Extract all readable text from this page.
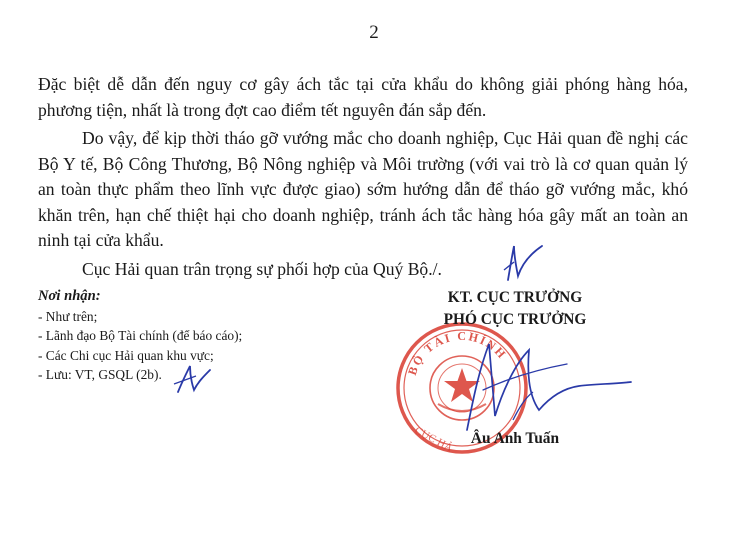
2

Đặc biệt dễ dẫn đến nguy cơ gây ách tắc tại cửa khẩu do không giải phóng hàng hóa, phương tiện, nhất là trong đợt cao điểm tết nguyên đán sắp đến.

Do vậy, để kịp thời tháo gỡ vướng mắc cho doanh nghiệp, Cục Hải quan đề nghị các Bộ Y tế, Bộ Công Thương, Bộ Nông nghiệp và Môi trường (với vai trò là cơ quan quản lý an toàn thực phẩm theo lĩnh vực được giao) sớm hướng dẫn để tháo gỡ vướng mắc, khó khăn trên, hạn chế thiệt hại cho doanh nghiệp, tránh ách tắc hàng hóa gây mất an toàn an ninh tại cửa khẩu.

Cục Hải quan trân trọng sự phối hợp của Quý Bộ./.

Nơi nhận:
- Như trên;
- Lãnh đạo Bộ Tài chính (để báo cáo);
- Các Chi cục Hải quan khu vực;
- Lưu: VT, GSQL (2b).	BỘ TÀI CHÍNH
CỤC HẢ
KT. CỤC TRƯỞNG
PHÓ CỤC TRƯỞNG
Âu Anh Tuấn
